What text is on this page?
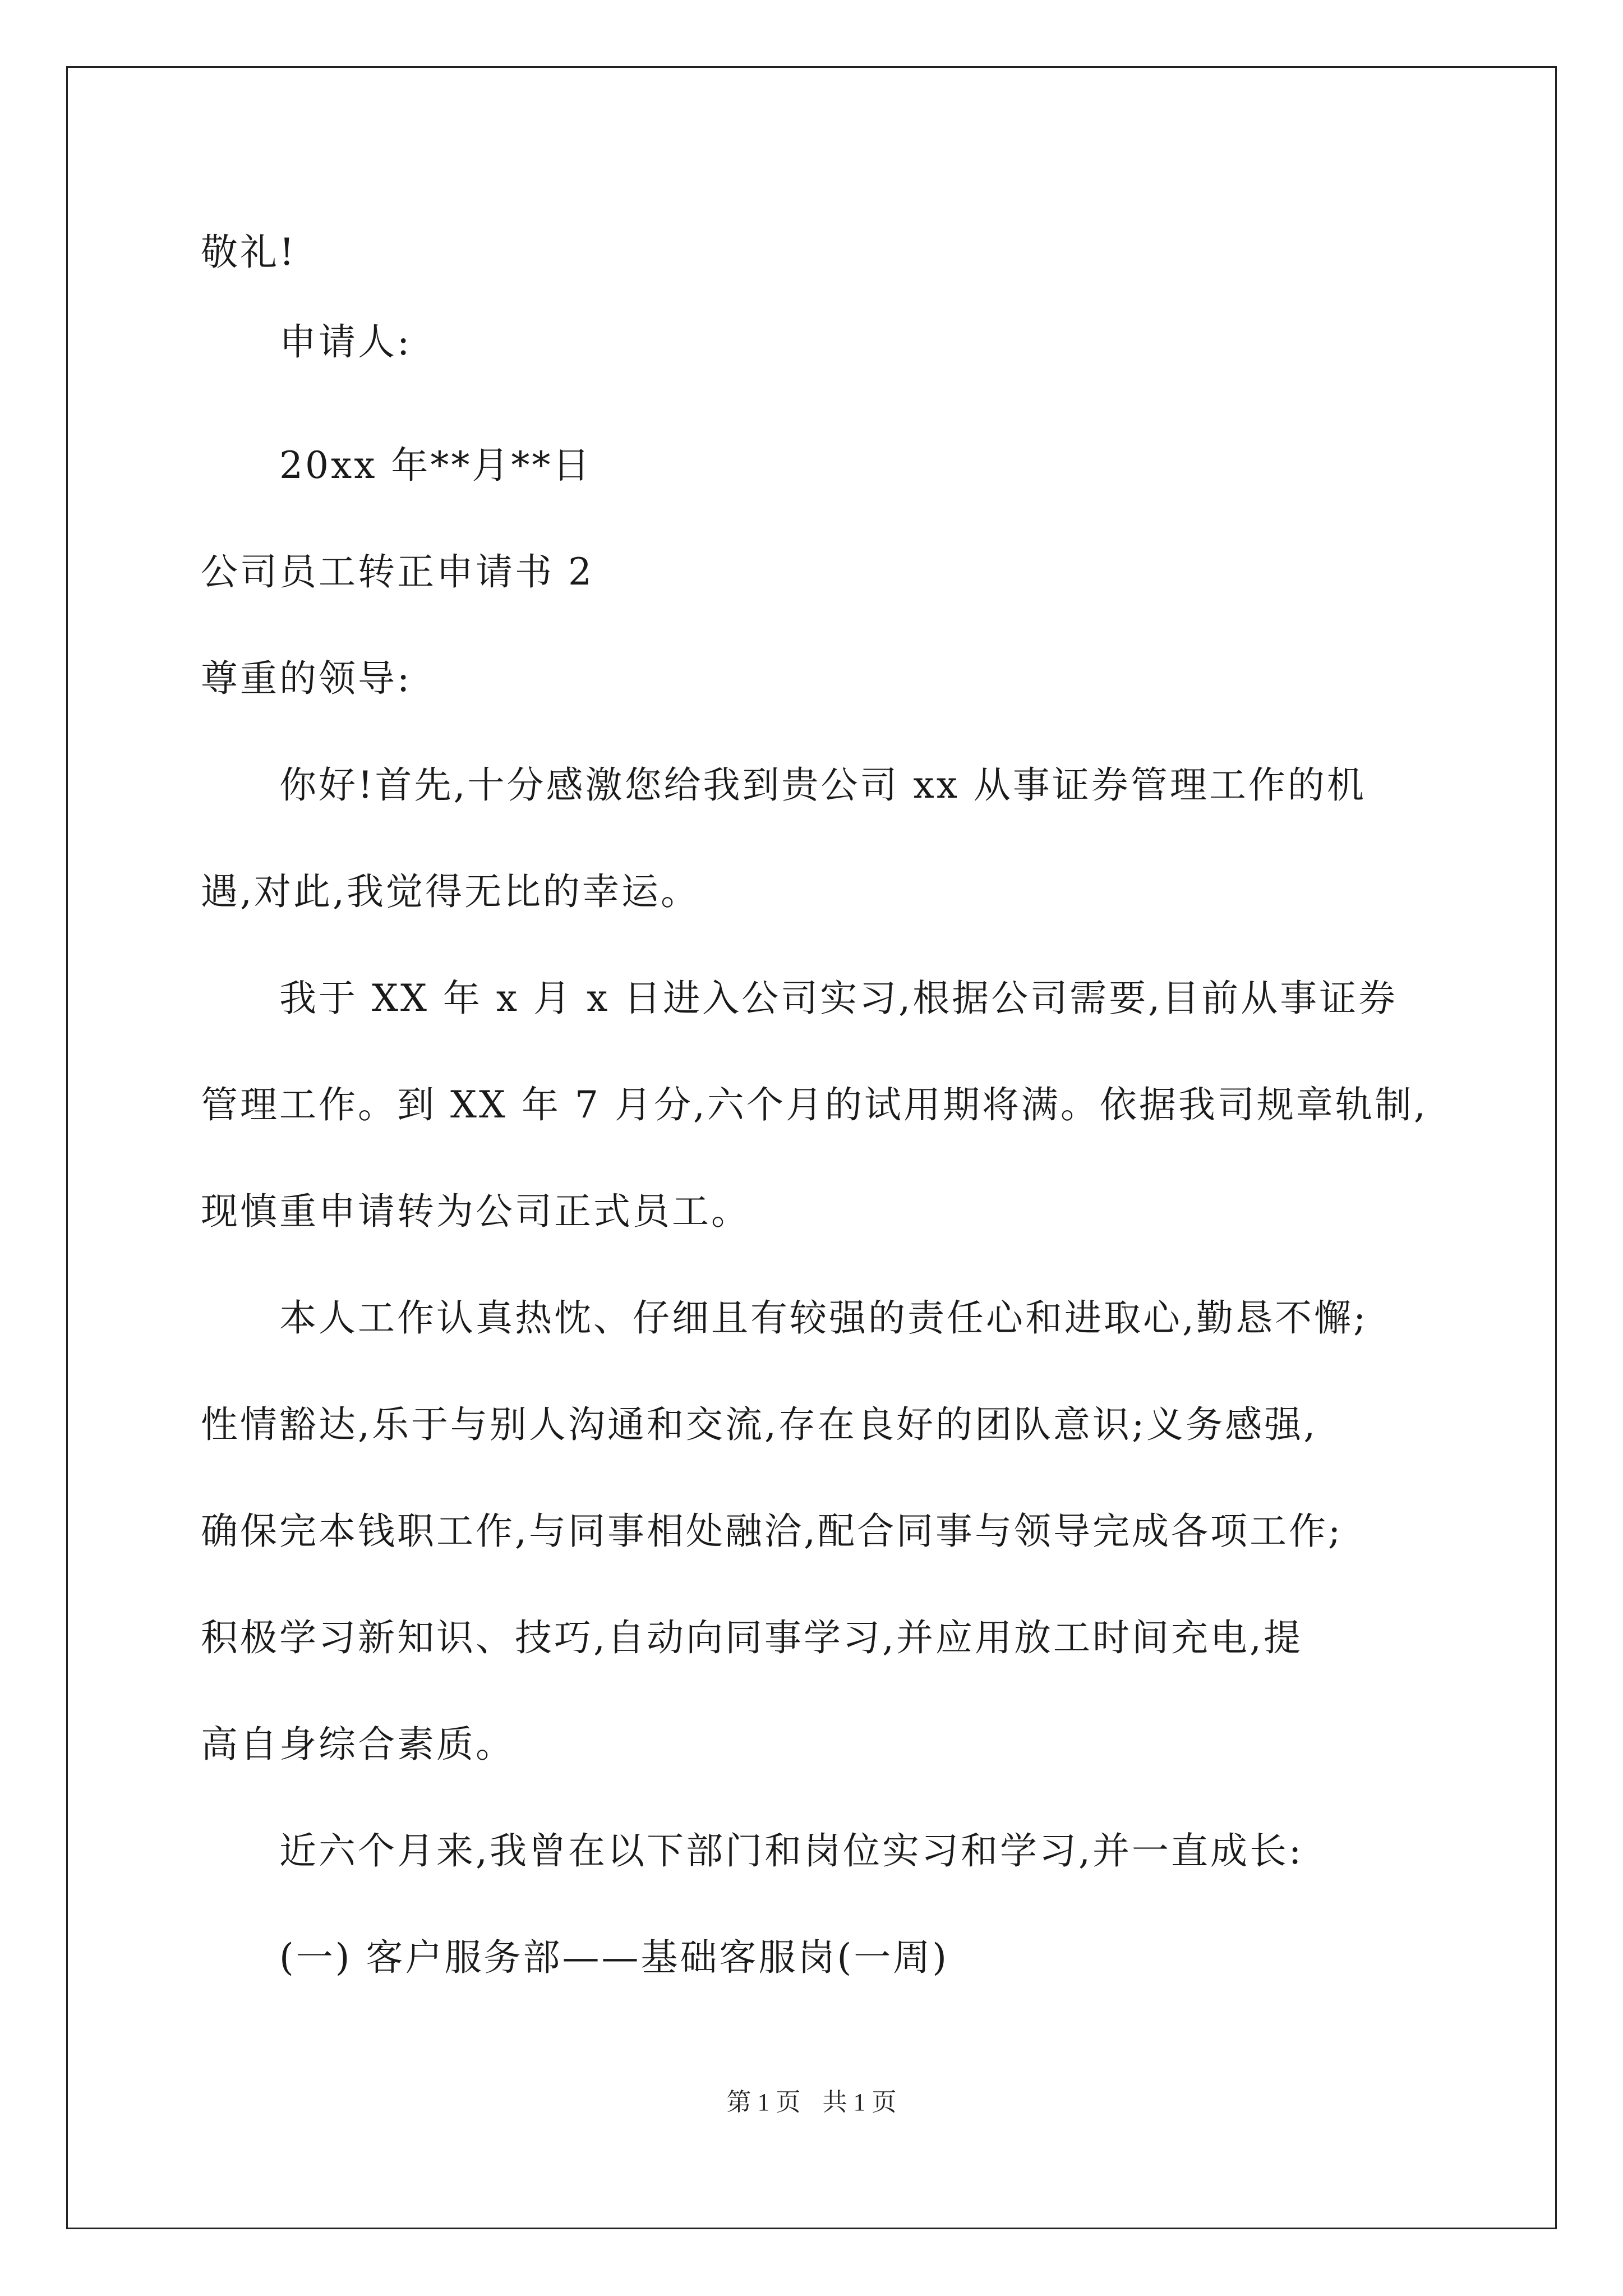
敬礼!
申请人:
20xx 年**月**日
公司员工转正申请书 2
尊重的领导:
你好!首先,十分感激您给我到贵公司 xx 从事证券管理工作的机
遇,对此,我觉得无比的幸运。
我于 XX 年 x 月 x 日进入公司实习,根据公司需要,目前从事证券
管理工作。到 XX 年 7 月分,六个月的试用期将满。依据我司规章轨制,
现慎重申请转为公司正式员工。
本人工作认真热忱、仔细且有较强的责任心和进取心,勤恳不懈;
性情豁达,乐于与别人沟通和交流,存在良好的团队意识;义务感强,
确保完本钱职工作,与同事相处融洽,配合同事与领导完成各项工作;
积极学习新知识、技巧,自动向同事学习,并应用放工时间充电,提
高自身综合素质。
近六个月来,我曾在以下部门和岗位实习和学习,并一直成长:
(一) 客户服务部——基础客服岗(一周)
第 1 页 共 1 页
